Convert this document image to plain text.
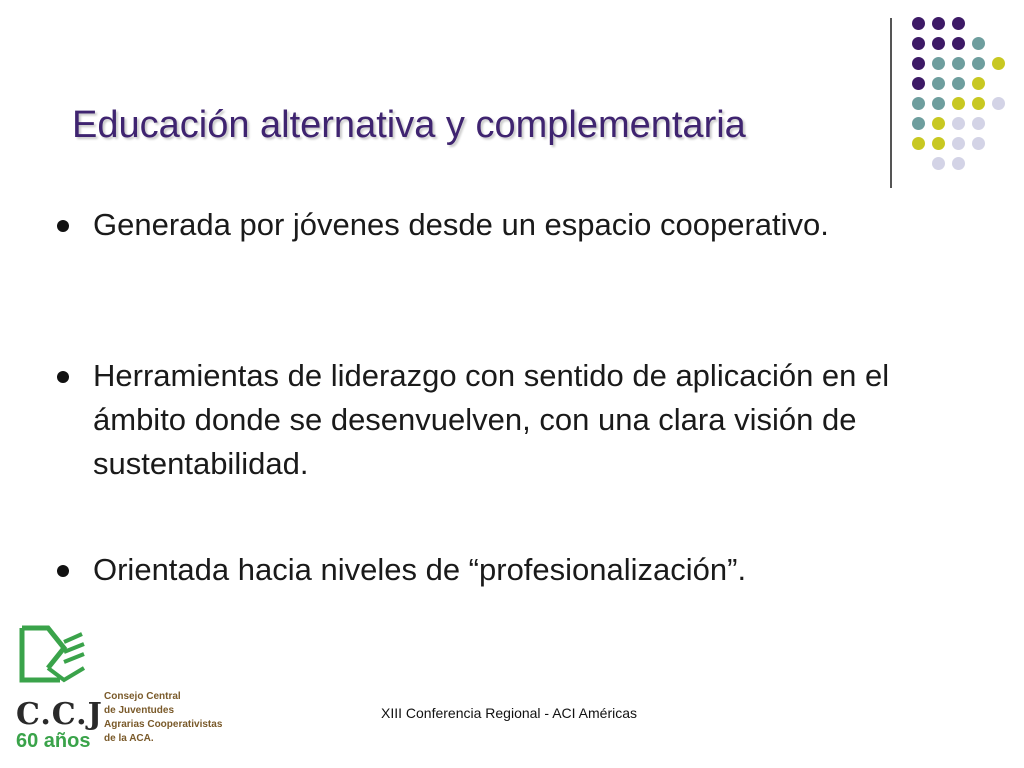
Educación alternativa y complementaria
Generada por jóvenes desde un espacio cooperativo.
Herramientas de liderazgo con sentido de aplicación en el ámbito donde se desenvuelven, con una clara visión de sustentabilidad.
Orientada hacia niveles de “profesionalización”.
C.C.J
60 años
Consejo Central
de Juventudes
Agrarias Cooperativistas
de la ACA.
XIII Conferencia Regional - ACI Américas
